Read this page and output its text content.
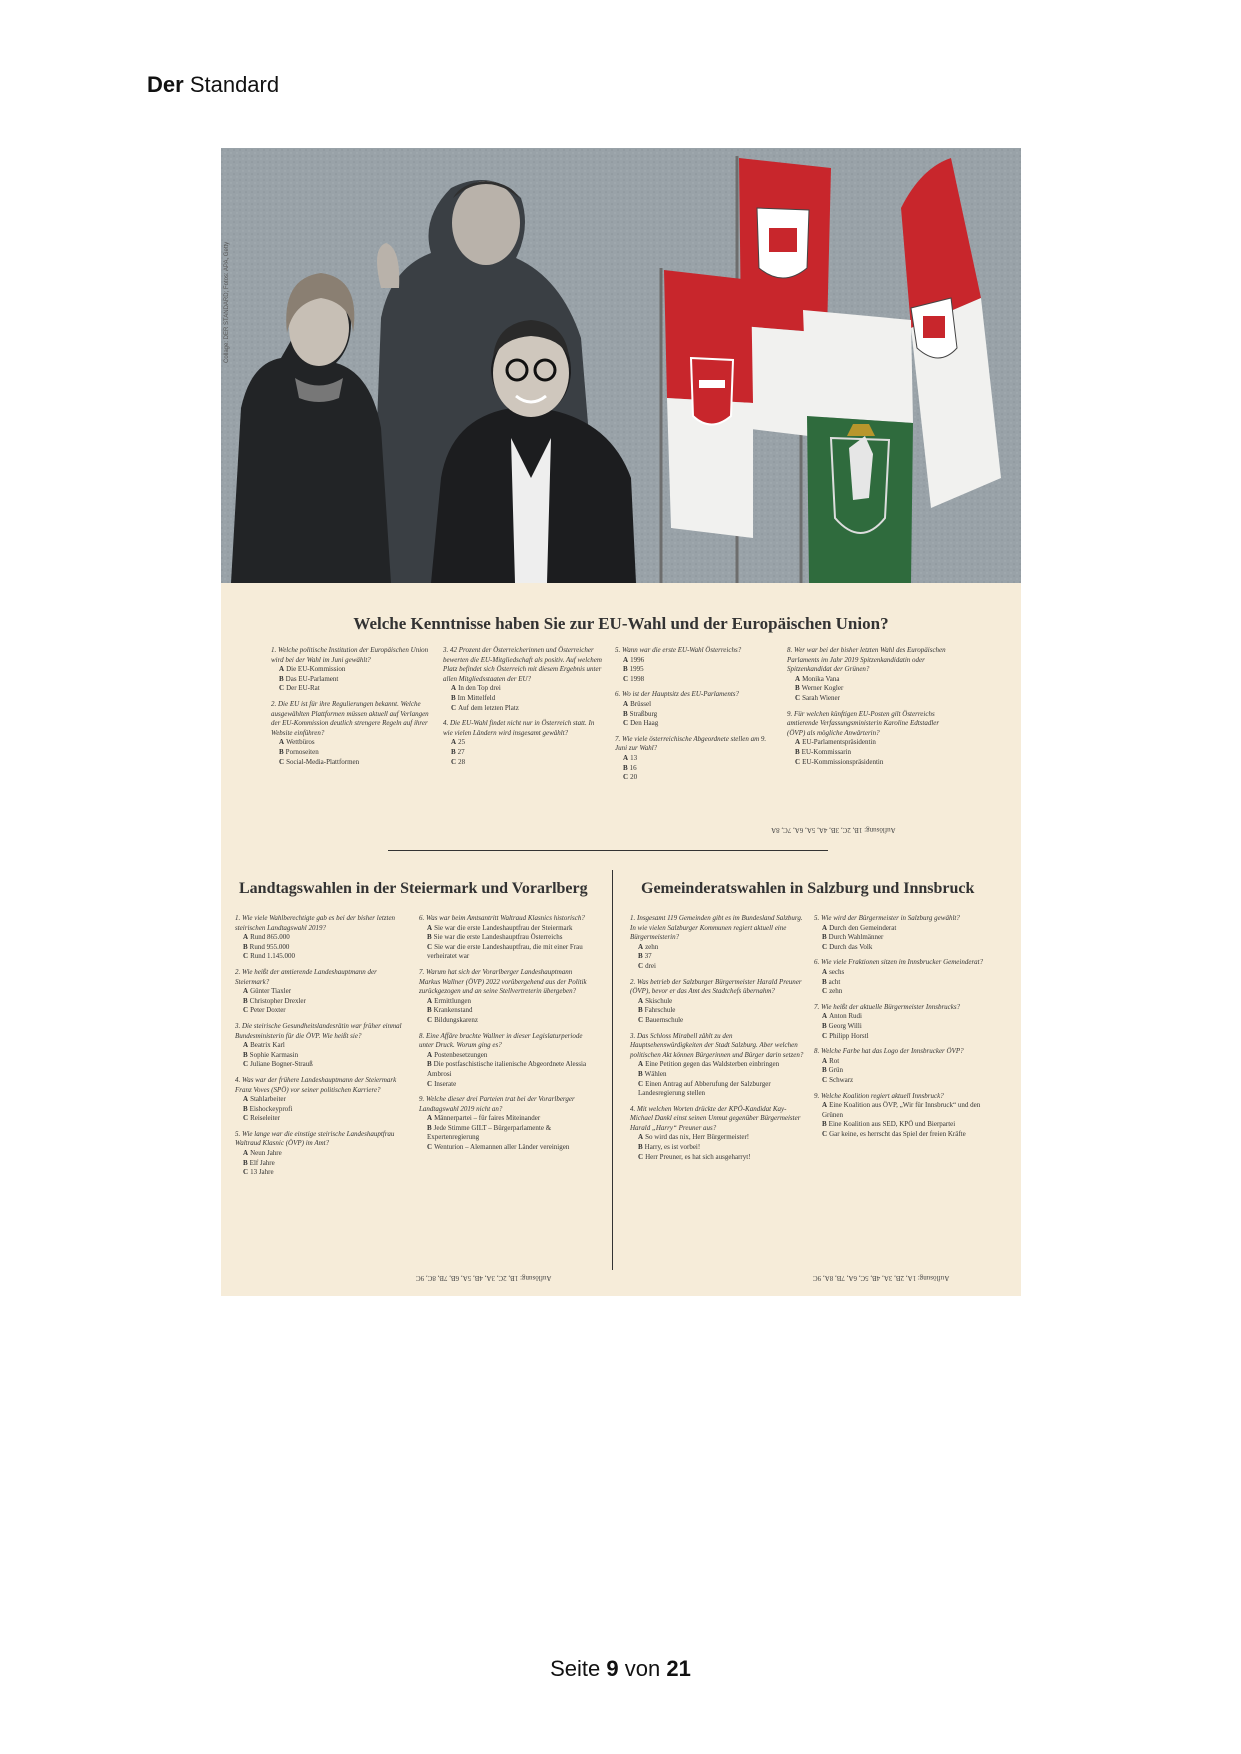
Der Standard
Collage: DER STANDARD; Fotos: APA, Getty
Welche Kenntnisse haben Sie zur EU-Wahl und der Europäischen Union?

1. Welche politische Institution der Europäischen Union wird bei der Wahl im Juni gewählt?

A Die EU-Kommission

B Das EU-Parlament

C Der EU-Rat

2. Die EU ist für ihre Regulierungen bekannt. Welche ausgewählten Plattformen müssen aktuell auf Verlangen der EU-Kommission deutlich strengere Regeln auf ihrer Website einführen?

A Wettbüros

B Pornoseiten

C Social-Media-Plattformen

3. 42 Prozent der Österreicherinnen und Österreicher bewerten die EU-Mitgliedschaft als positiv. Auf welchem Platz befindet sich Österreich mit diesem Ergebnis unter allen Mitgliedsstaaten der EU?

A In den Top drei

B Im Mittelfeld

C Auf dem letzten Platz

4. Die EU-Wahl findet nicht nur in Österreich statt. In wie vielen Ländern wird insgesamt gewählt?

A 25

B 27

C 28

5. Wann war die erste EU-Wahl Österreichs?

A 1996

B 1995

C 1998

6. Wo ist der Hauptsitz des EU-Parlaments?

A Brüssel

B Straßburg

C Den Haag

7. Wie viele österreichische Abgeordnete stellen am 9. Juni zur Wahl?

A 13

B 16

C 20

8. Wer war bei der bisher letzten Wahl des Europäischen Parlaments im Jahr 2019 Spitzenkandidatin oder Spitzenkandidat der Grünen?

A Monika Vana

B Werner Kogler

C Sarah Wiener

9. Für welchen künftigen EU-Posten gilt Österreichs amtierende Verfassungsministerin Karoline Edtstadler (ÖVP) als mögliche Anwärterin?

A EU-Parlamentspräsidentin

B EU-Kommissarin

C EU-Kommissionspräsidentin

Auflösung: 1B, 2C, 3B, 4A, 5A, 6A, 7C, 8A
Landtagswahlen in der Steiermark und Vorarlberg	Gemeinderatswahlen in Salzburg und Innsbruck

1. Wie viele Wahlberechtigte gab es bei der bisher letzten steirischen Landtagswahl 2019?

A Rund 865.000

B Rund 955.000

C Rund 1.145.000

2. Wie heißt der amtierende Landeshauptmann der Steiermark?

A Günter Tiaxler

B Christopher Drexler

C Peter Doxter

3. Die steirische Gesundheitslandesrätin war früher einmal Bundesministerin für die ÖVP. Wie heißt sie?

A Beatrix Karl

B Sophie Karmasin

C Juliane Bogner-Strauß

4. Was war der frühere Landeshauptmann der Steiermark Franz Voves (SPÖ) vor seiner politischen Karriere?

A Stahlarbeiter

B Eishockeyprofi

C Reiseleiter

5. Wie lange war die einstige steirische Landeshauptfrau Waltraud Klasnic (ÖVP) im Amt?

A Neun Jahre

B Elf Jahre

C 13 Jahre

6. Was war beim Amtsantritt Waltraud Klasnics historisch?

A Sie war die erste Landeshauptfrau der Steiermark

B Sie war die erste Landeshauptfrau Österreichs

C Sie war die erste Landeshauptfrau, die mit einer Frau verheiratet war

7. Warum hat sich der Vorarlberger Landeshauptmann Markus Wallner (ÖVP) 2022 vorübergehend aus der Politik zurückgezogen und an seine Stellvertreterin übergeben?

A Ermittlungen

B Krankenstand

C Bildungskarenz

8. Eine Affäre brachte Wallner in dieser Legislaturperiode unter Druck. Worum ging es?

A Postenbesetzungen

B Die postfaschistische italienische Abgeordnete Alessia Ambrosi

C Inserate

9. Welche dieser drei Parteien trat bei der Vorarlberger Landtagswahl 2019 nicht an?

A Männerpartei – für faires Miteinander

B Jede Stimme GILT – Bürgerparlamente & Expertenregierung

C Wenturion – Alemannen aller Länder vereinigen

1. Insgesamt 119 Gemeinden gibt es im Bundesland Salzburg. In wie vielen Salzburger Kommunen regiert aktuell eine Bürgermeisterin?

A zehn

B 37

C drei

2. Was betrieb der Salzburger Bürgermeister Harald Preuner (ÖVP), bevor er das Amt des Stadtchefs übernahm?

A Skischule

B Fahrschule

C Bauernschule

3. Das Schloss Mirabell zählt zu den Hauptsehenswürdigkeiten der Stadt Salzburg. Aber welchen politischen Akt können Bürgerinnen und Bürger darin setzen?

A Eine Petition gegen das Waldsterben einbringen

B Wählen

C Einen Antrag auf Abberufung der Salzburger Landesregierung stellen

4. Mit welchen Worten drückte der KPÖ-Kandidat Kay-Michael Dankl einst seinen Unmut gegenüber Bürgermeister Harald „Harry“ Preuner aus?

A So wird das nix, Herr Bürgermeister!

B Harry, es ist vorbei!

C Herr Preuner, es hat sich ausgeharryt!

5. Wie wird der Bürgermeister in Salzburg gewählt?

A Durch den Gemeinderat

B Durch Wahlmänner

C Durch das Volk

6. Wie viele Fraktionen sitzen im Innsbrucker Gemeinderat?

A sechs

B acht

C zehn

7. Wie heißt der aktuelle Bürgermeister Innsbrucks?

A Anton Rudi

B Georg Willi

C Philipp Horstl

8. Welche Farbe hat das Logo der Innsbrucker ÖVP?

A Rot

B Grün

C Schwarz

9. Welche Koalition regiert aktuell Innsbruck?

A Eine Koalition aus ÖVP, „Wir für Innsbruck“ und den Grünen

B Eine Koalition aus SED, KPÖ und Bierpartei

C Gar keine, es herrscht das Spiel der freien Kräfte

Auflösung: 1B, 2C, 3A, 4B, 5A, 6B, 7B, 8C, 9C	Auflösung: 1A, 2B, 3A, 4B, 5C, 6A, 7B, 8A, 9C
Seite 9 von 21
